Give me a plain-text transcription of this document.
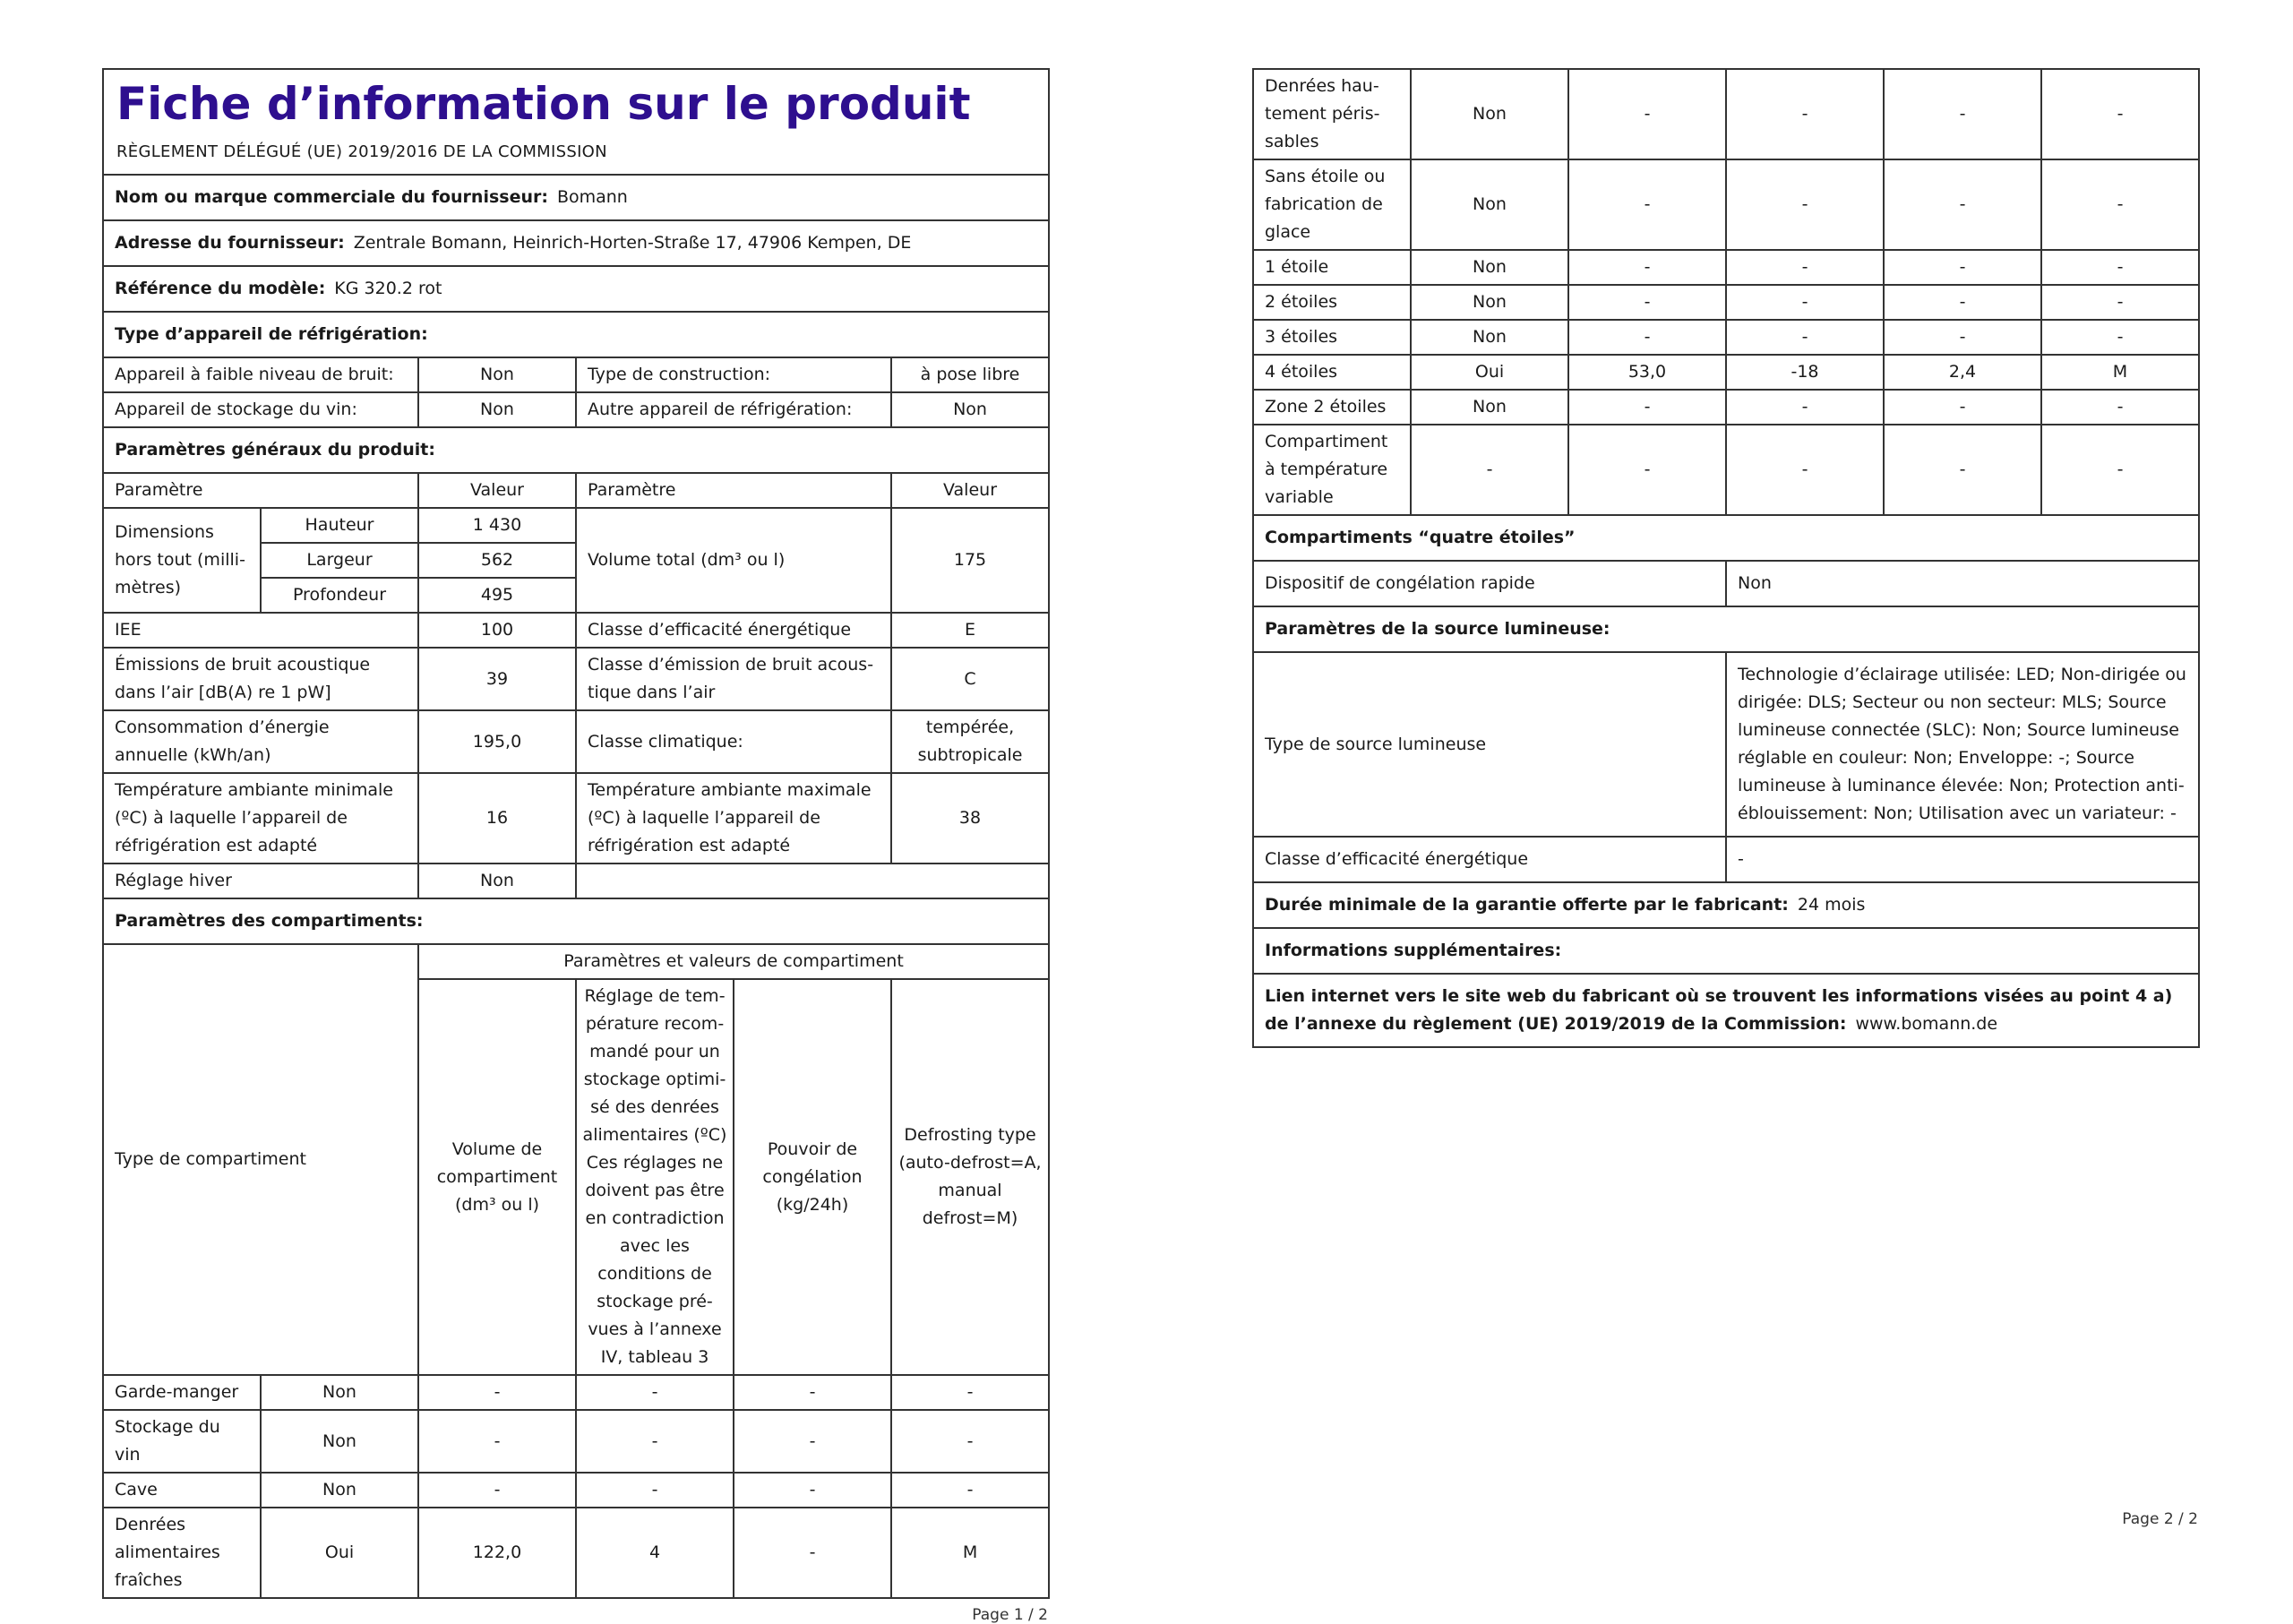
Fiche d’information sur le produit
RÈGLEMENT DÉLÉGUÉ (UE) 2019/2016 DE LA COMMISSION					

Nom ou marque commerciale du fournisseur: Bomann					
Adresse du fournisseur: Zentrale Bomann, Heinrich-Horten-Straße 17, 47906 Kempen, DE					
Référence du modèle: KG 320.2 rot					
Type d’appareil de réfrigération:					
Appareil à faible niveau de bruit:		Non	Type de construction:		à pose libre
Appareil de stockage du vin:		Non	Autre appareil de réfrigération:		Non
Paramètres généraux du produit:					
Paramètre		Valeur	Paramètre		Valeur
Dimensions hors tout (millimètres)	Hauteur	1 430	Volume total (dm³ ou l)		175
	Largeur	562			
	Profondeur	495			
IEE		100	Classe d’efficacité énergétique		E
Émissions de bruit acoustique dans l’air [dB(A) re 1 pW]		39	Classe d’émission de bruit acoustique dans l’air		C
Consommation d’énergie annuelle (kWh/an)		195,0	Classe climatique:		tempérée, subtropicale
Température ambiante minimale (ºC) à laquelle l’appareil de réfrigération est adapté		16	Température ambiante maximale (ºC) à laquelle l’appareil de réfrigération est adapté		38
Réglage hiver		Non			
Paramètres des compartiments:					
Type de compartiment		Paramètres et valeurs de compartiment			
		Volume de compartiment (dm³ ou l)	Réglage de température recommandé pour un stockage optimisé des denrées alimentaires (ºC) Ces réglages ne doivent pas être en contradiction avec les conditions de stockage prévues à l’annexe IV, tableau 3	Pouvoir de congélation (kg/24h)	Defrosting type (auto-defrost=A, manual defrost=M)
Garde-manger	Non	-	-	-	-
Stockage du vin	Non	-	-	-	-
Cave	Non	-	-	-	-
Denrées alimentaires fraîches	Oui	122,0	4	-	M
Page 1 / 2
Denrées hautement périssables	Non	-	-	-	-
Sans étoile ou fabrication de glace	Non	-	-	-	-
1 étoile	Non	-	-	-	-
2 étoiles	Non	-	-	-	-
3 étoiles	Non	-	-	-	-
4 étoiles	Oui	53,0	-18	2,4	M
Zone 2 étoiles	Non	-	-	-	-
Compartiment à température variable	-	-	-	-	-
Compartiments “quatre étoiles”					
Dispositif de congélation rapide			Non		
Paramètres de la source lumineuse:					
Type de source lumineuse			Technologie d’éclairage utilisée: LED; Non-dirigée ou dirigée: DLS; Secteur ou non secteur: MLS; Source lumineuse connectée (SLC): Non; Source lumineuse réglable en couleur: Non; Enveloppe: -; Source lumineuse à luminance élevée: Non; Protection anti-éblouissement: Non; Utilisation avec un variateur: -		
Classe d’efficacité énergétique			-		
Durée minimale de la garantie offerte par le fabricant: 24 mois					
Informations supplémentaires:					
Lien internet vers le site web du fabricant où se trouvent les informations visées au point 4 a) de l’annexe du règlement (UE) 2019/2019 de la Commission: www.bomann.de					
Page 2 / 2
